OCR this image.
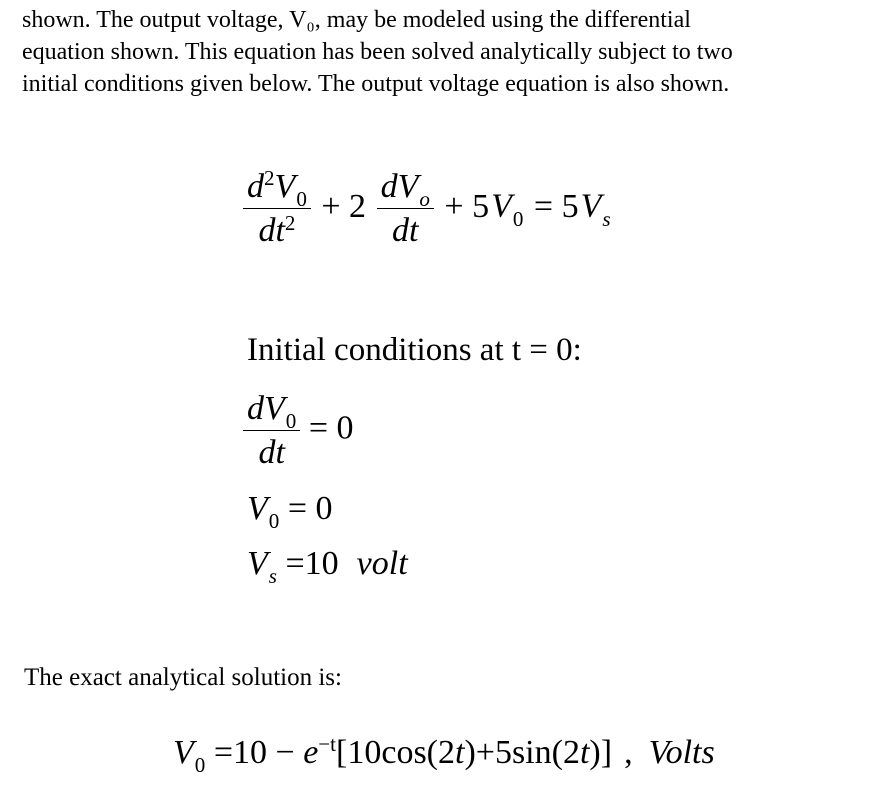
shown. The output voltage, V₀, may be modeled using the differential
equation shown. This equation has been solved analytically subject to two
initial conditions given below. The output voltage equation is also shown.
$\frac{d^2V_0}{dt^2} + 2 \frac{dV_o}{dt} + 5V_0 = 5V_s$
Initial conditions at t = 0:
$\frac{dV_0}{dt} = 0$
$V_0 = 0$
$V_s =10$ volt
The exact analytical solution is:
$V_0 =10 - e^{-t}[10\cos(2t)+5\sin(2t)]$ , Volts
